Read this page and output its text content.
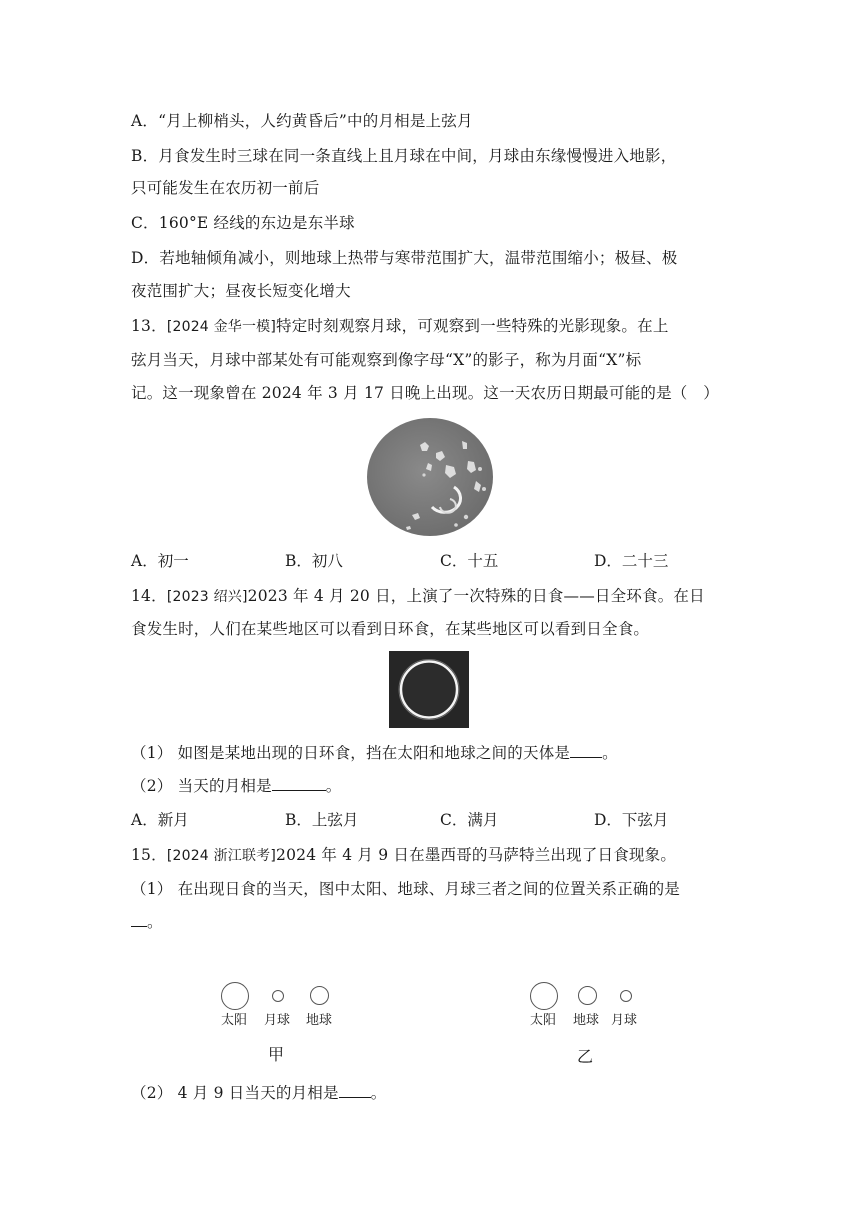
A．“月上柳梢头，人约黄昏后”中的月相是上弦月
B．月食发生时三球在同一条直线上且月球在中间，月球由东缘慢慢进入地影，
只可能发生在农历初一前后
C．160°E 经线的东边是东半球
D．若地轴倾角减小，则地球上热带与寒带范围扩大，温带范围缩小；极昼、极
夜范围扩大；昼夜长短变化增大
13．[2024 金华一模]特定时刻观察月球，可观察到一些特殊的光影现象。在上
弦月当天，月球中部某处有可能观察到像字母“X”的影子，称为月面“X”标
记。这一现象曾在 2024 年 3 月 17 日晚上出现。这一天农历日期最可能的是（　）
A．初一	B．初八	C．十五	D．二十三
14．[2023 绍兴]2023 年 4 月 20 日，上演了一次特殊的日食——日全环食。在日
食发生时，人们在某些地区可以看到日环食，在某些地区可以看到日全食。
（1） 如图是某地出现的日环食，挡在太阳和地球之间的天体是 。
（2） 当天的月相是	。
A．新月	B．上弦月	C．满月	D．下弦月
15．[2024 浙江联考]2024 年 4 月 9 日在墨西哥的马萨特兰出现了日食现象。
（1） 在出现日食的当天，图中太阳、地球、月球三者之间的位置关系正确的是
。
太阳 月球 地球
甲
太阳 地球 月球
乙
（2） 4 月 9 日当天的月相是 。
